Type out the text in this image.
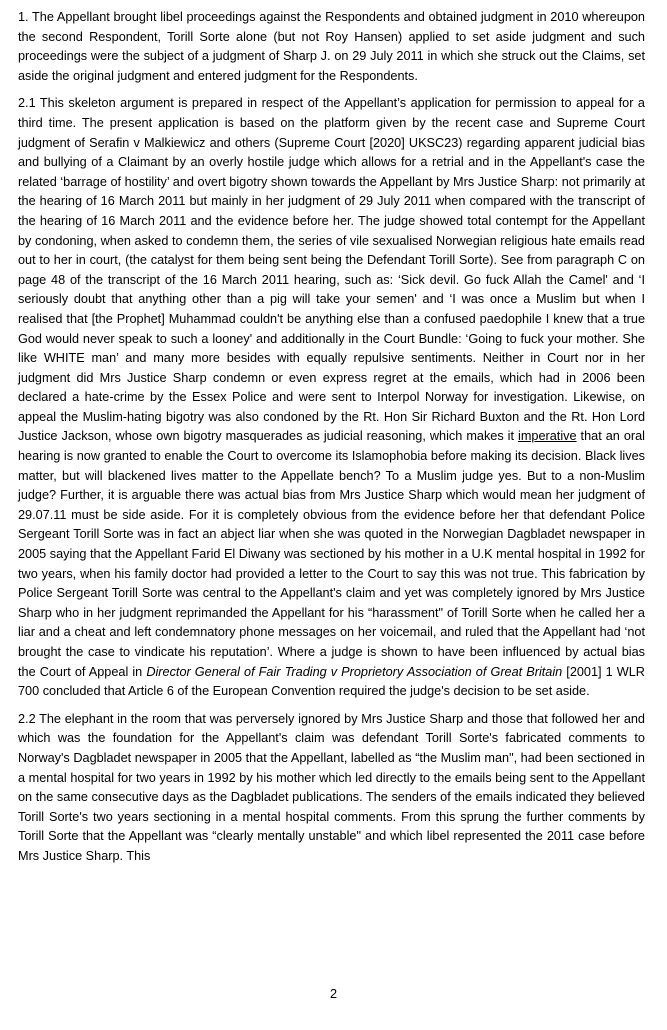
1. The Appellant brought libel proceedings against the Respondents and obtained judgment in 2010 whereupon the second Respondent, Torill Sorte alone (but not Roy Hansen) applied to set aside judgment and such proceedings were the subject of a judgment of Sharp J. on 29 July 2011 in which she struck out the Claims, set aside the original judgment and entered judgment for the Respondents.

2.1 This skeleton argument is prepared in respect of the Appellant’s application for permission to appeal for a third time. The present application is based on the platform given by the recent case and Supreme Court judgment of Serafin v Malkiewicz and others (Supreme Court [2020] UKSC23) regarding apparent judicial bias and bullying of a Claimant by an overly hostile judge which allows for a retrial and in the Appellant's case the related ‘barrage of hostility’ and overt bigotry shown towards the Appellant by Mrs Justice Sharp: not primarily at the hearing of 16 March 2011 but mainly in her judgment of 29 July 2011 when compared with the transcript of the hearing of 16 March 2011 and the evidence before her. The judge showed total contempt for the Appellant by condoning, when asked to condemn them, the series of vile sexualised Norwegian religious hate emails read out to her in court, (the catalyst for them being sent being the Defendant Torill Sorte). See from paragraph C on page 48 of the transcript of the 16 March 2011 hearing, such as: ‘Sick devil. Go fuck Allah the Camel' and ‘I seriously doubt that anything other than a pig will take your semen' and ‘I was once a Muslim but when I realised that [the Prophet] Muhammad couldn't be anything else than a confused paedophile I knew that a true God would never speak to such a looney' and additionally in the Court Bundle: ‘Going to fuck your mother. She like WHITE man’ and many more besides with equally repulsive sentiments. Neither in Court nor in her judgment did Mrs Justice Sharp condemn or even express regret at the emails, which had in 2006 been declared a hate-crime by the Essex Police and were sent to Interpol Norway for investigation. Likewise, on appeal the Muslim-hating bigotry was also condoned by the Rt. Hon Sir Richard Buxton and the Rt. Hon Lord Justice Jackson, whose own bigotry masquerades as judicial reasoning, which makes it imperative that an oral hearing is now granted to enable the Court to overcome its Islamophobia before making its decision. Black lives matter, but will blackened lives matter to the Appellate bench? To a Muslim judge yes. But to a non-Muslim judge? Further, it is arguable there was actual bias from Mrs Justice Sharp which would mean her judgment of 29.07.11 must be side aside. For it is completely obvious from the evidence before her that defendant Police Sergeant Torill Sorte was in fact an abject liar when she was quoted in the Norwegian Dagbladet newspaper in 2005 saying that the Appellant Farid El Diwany was sectioned by his mother in a U.K mental hospital in 1992 for two years, when his family doctor had provided a letter to the Court to say this was not true. This fabrication by Police Sergeant Torill Sorte was central to the Appellant's claim and yet was completely ignored by Mrs Justice Sharp who in her judgment reprimanded the Appellant for his “harassment" of Torill Sorte when he called her a liar and a cheat and left condemnatory phone messages on her voicemail, and ruled that the Appellant had ‘not brought the case to vindicate his reputation’. Where a judge is shown to have been influenced by actual bias the Court of Appeal in Director General of Fair Trading v Proprietory Association of Great Britain [2001] 1 WLR 700 concluded that Article 6 of the European Convention required the judge's decision to be set aside.

2.2 The elephant in the room that was perversely ignored by Mrs Justice Sharp and those that followed her and which was the foundation for the Appellant's claim was defendant Torill Sorte's fabricated comments to Norway's Dagbladet newspaper in 2005 that the Appellant, labelled as “the Muslim man", had been sectioned in a mental hospital for two years in 1992 by his mother which led directly to the emails being sent to the Appellant on the same consecutive days as the Dagbladet publications. The senders of the emails indicated they believed Torill Sorte's two years sectioning in a mental hospital comments. From this sprung the further comments by Torill Sorte that the Appellant was “clearly mentally unstable" and which libel represented the 2011 case before Mrs Justice Sharp. This

2
